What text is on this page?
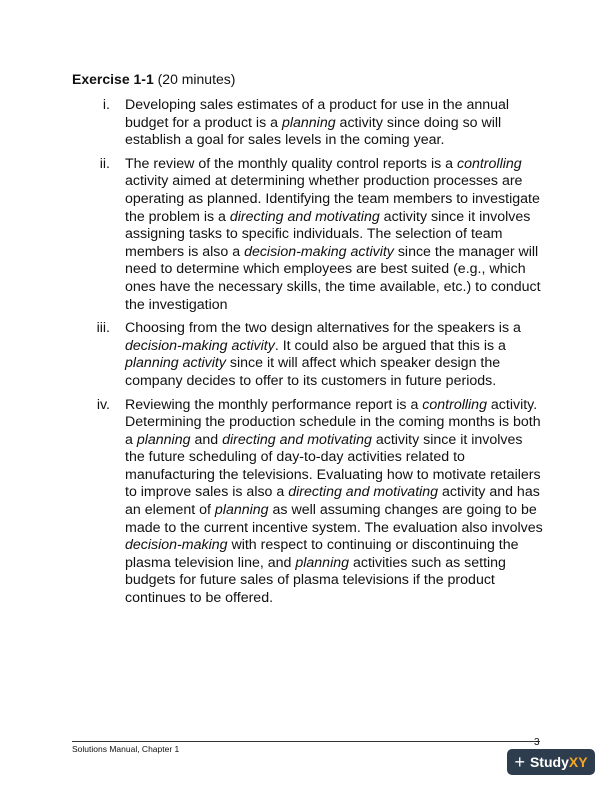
Exercise 1-1 (20 minutes)
i. Developing sales estimates of a product for use in the annual budget for a product is a planning activity since doing so will establish a goal for sales levels in the coming year.
ii. The review of the monthly quality control reports is a controlling activity aimed at determining whether production processes are operating as planned. Identifying the team members to investigate the problem is a directing and motivating activity since it involves assigning tasks to specific individuals. The selection of team members is also a decision-making activity since the manager will need to determine which employees are best suited (e.g., which ones have the necessary skills, the time available, etc.) to conduct the investigation
iii. Choosing from the two design alternatives for the speakers is a decision-making activity. It could also be argued that this is a planning activity since it will affect which speaker design the company decides to offer to its customers in future periods.
iv. Reviewing the monthly performance report is a controlling activity. Determining the production schedule in the coming months is both a planning and directing and motivating activity since it involves the future scheduling of day-to-day activities related to manufacturing the televisions. Evaluating how to motivate retailers to improve sales is also a directing and motivating activity and has an element of planning as well assuming changes are going to be made to the current incentive system. The evaluation also involves decision-making with respect to continuing or discontinuing the plasma television line, and planning activities such as setting budgets for future sales of plasma televisions if the product continues to be offered.
Solutions Manual, Chapter 1
3
+ Study XY
